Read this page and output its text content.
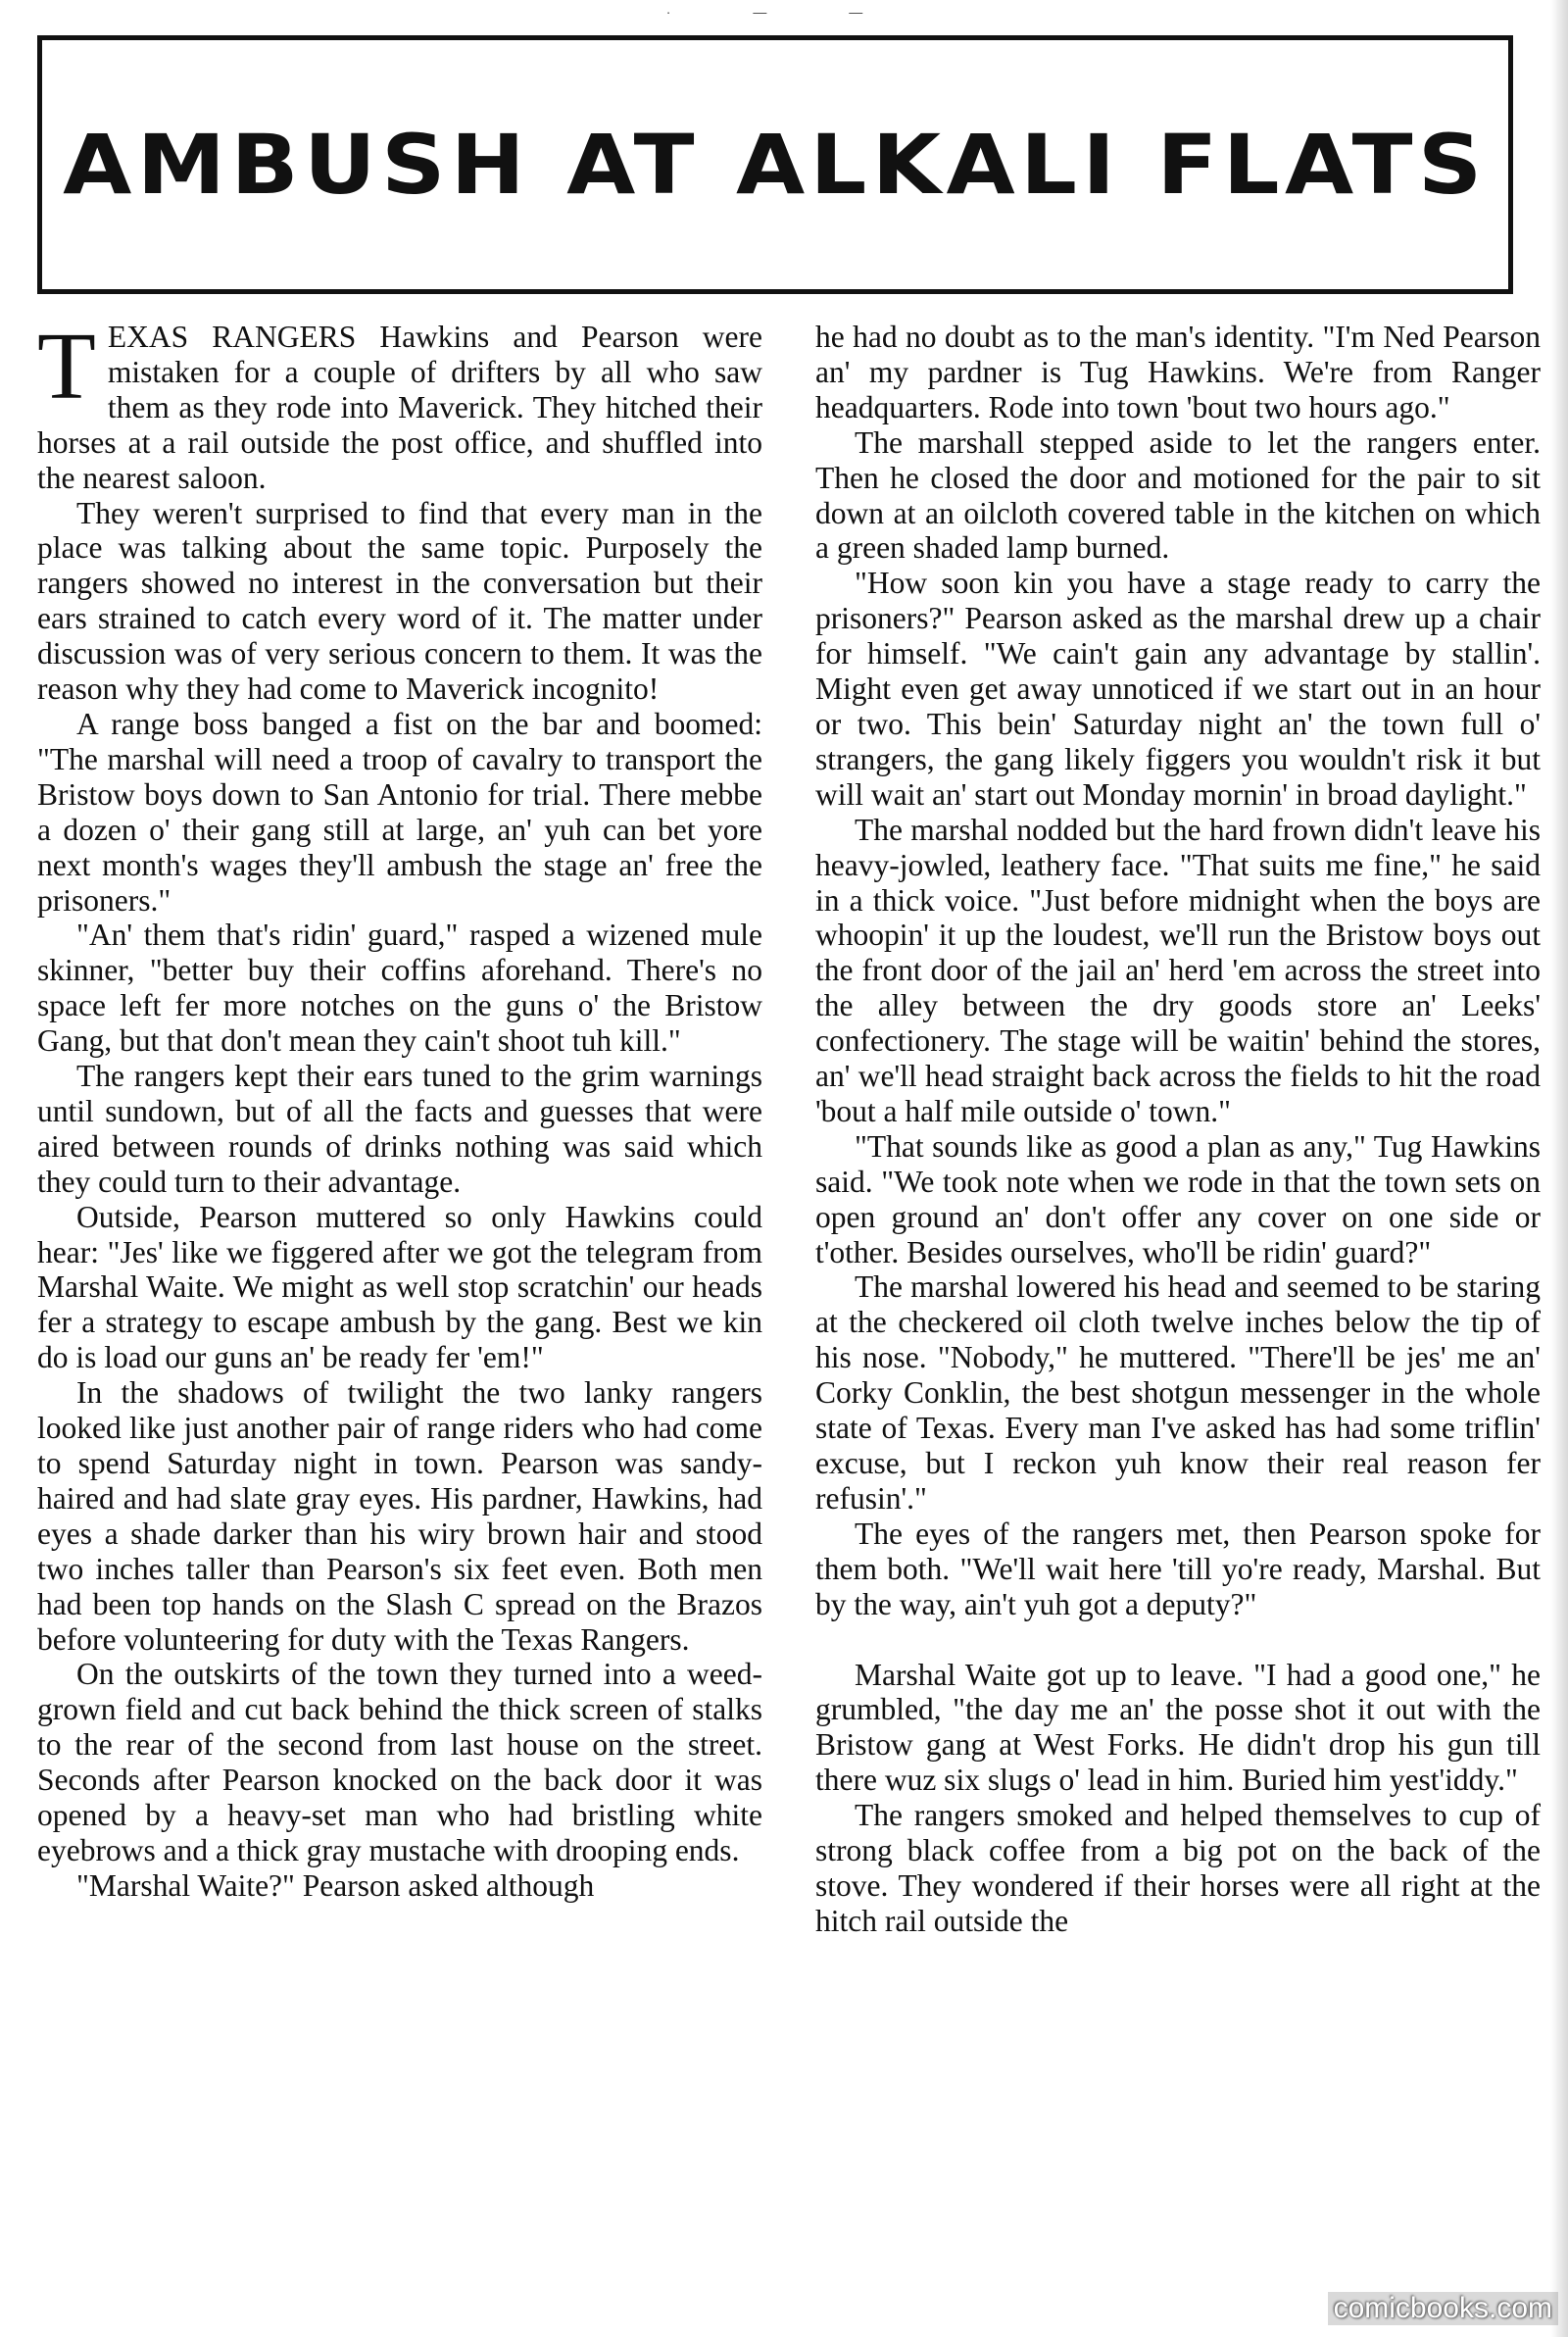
· — —
AMBUSH AT ALKALI FLATS

TEXAS RANGERS Hawkins and Pearson were mistaken for a couple of drifters by all who saw them as they rode into Maverick. They hitched their horses at a rail outside the post office, and shuffled into the nearest saloon.

They weren't surprised to find that every man in the place was talking about the same topic. Purposely the rangers showed no interest in the conversation but their ears strained to catch every word of it. The matter under discussion was of very serious concern to them. It was the reason why they had come to Maverick incognito!

A range boss banged a fist on the bar and boomed: "The marshal will need a troop of cavalry to transport the Bristow boys down to San Antonio for trial. There mebbe a dozen o' their gang still at large, an' yuh can bet yore next month's wages they'll ambush the stage an' free the prisoners."

"An' them that's ridin' guard," rasped a wizened mule skinner, "better buy their coffins aforehand. There's no space left fer more notches on the guns o' the Bristow Gang, but that don't mean they cain't shoot tuh kill."

The rangers kept their ears tuned to the grim warnings until sundown, but of all the facts and guesses that were aired between rounds of drinks nothing was said which they could turn to their advantage.

Outside, Pearson muttered so only Hawkins could hear: "Jes' like we figgered after we got the telegram from Marshal Waite. We might as well stop scratchin' our heads fer a strategy to escape ambush by the gang. Best we kin do is load our guns an' be ready fer 'em!"

In the shadows of twilight the two lanky rangers looked like just another pair of range riders who had come to spend Saturday night in town. Pearson was sandy-haired and had slate gray eyes. His pardner, Hawkins, had eyes a shade darker than his wiry brown hair and stood two inches taller than Pearson's six feet even. Both men had been top hands on the Slash C spread on the Brazos before volunteering for duty with the Texas Rangers.

On the outskirts of the town they turned into a weed-grown field and cut back behind the thick screen of stalks to the rear of the second from last house on the street. Seconds after Pearson knocked on the back door it was opened by a heavy-set man who had bristling white eyebrows and a thick gray mustache with drooping ends.

"Marshal Waite?" Pearson asked although

he had no doubt as to the man's identity. "I'm Ned Pearson an' my pardner is Tug Hawkins. We're from Ranger headquarters. Rode into town 'bout two hours ago."

The marshall stepped aside to let the rangers enter. Then he closed the door and motioned for the pair to sit down at an oilcloth covered table in the kitchen on which a green shaded lamp burned.

"How soon kin you have a stage ready to carry the prisoners?" Pearson asked as the marshal drew up a chair for himself. "We cain't gain any advantage by stallin'. Might even get away unnoticed if we start out in an hour or two. This bein' Saturday night an' the town full o' strangers, the gang likely figgers you wouldn't risk it but will wait an' start out Monday mornin' in broad daylight."

The marshal nodded but the hard frown didn't leave his heavy-jowled, leathery face. "That suits me fine," he said in a thick voice. "Just before midnight when the boys are whoopin' it up the loudest, we'll run the Bristow boys out the front door of the jail an' herd 'em across the street into the alley between the dry goods store an' Leeks' confectionery. The stage will be waitin' behind the stores, an' we'll head straight back across the fields to hit the road 'bout a half mile outside o' town."

"That sounds like as good a plan as any," Tug Hawkins said. "We took note when we rode in that the town sets on open ground an' don't offer any cover on one side or t'other. Besides ourselves, who'll be ridin' guard?"

The marshal lowered his head and seemed to be staring at the checkered oil cloth twelve inches below the tip of his nose. "Nobody," he muttered. "There'll be jes' me an' Corky Conklin, the best shotgun messenger in the whole state of Texas. Every man I've asked has had some triflin' excuse, but I reckon yuh know their real reason fer refusin'."

The eyes of the rangers met, then Pearson spoke for them both. "We'll wait here 'till yo're ready, Marshal. But by the way, ain't yuh got a deputy?"

Marshal Waite got up to leave. "I had a good one," he grumbled, "the day me an' the posse shot it out with the Bristow gang at West Forks. He didn't drop his gun till there wuz six slugs o' lead in him. Buried him yest'iddy."

The rangers smoked and helped themselves to cup of strong black coffee from a big pot on the back of the stove. They wondered if their horses were all right at the hitch rail outside the

comicbooks.com
